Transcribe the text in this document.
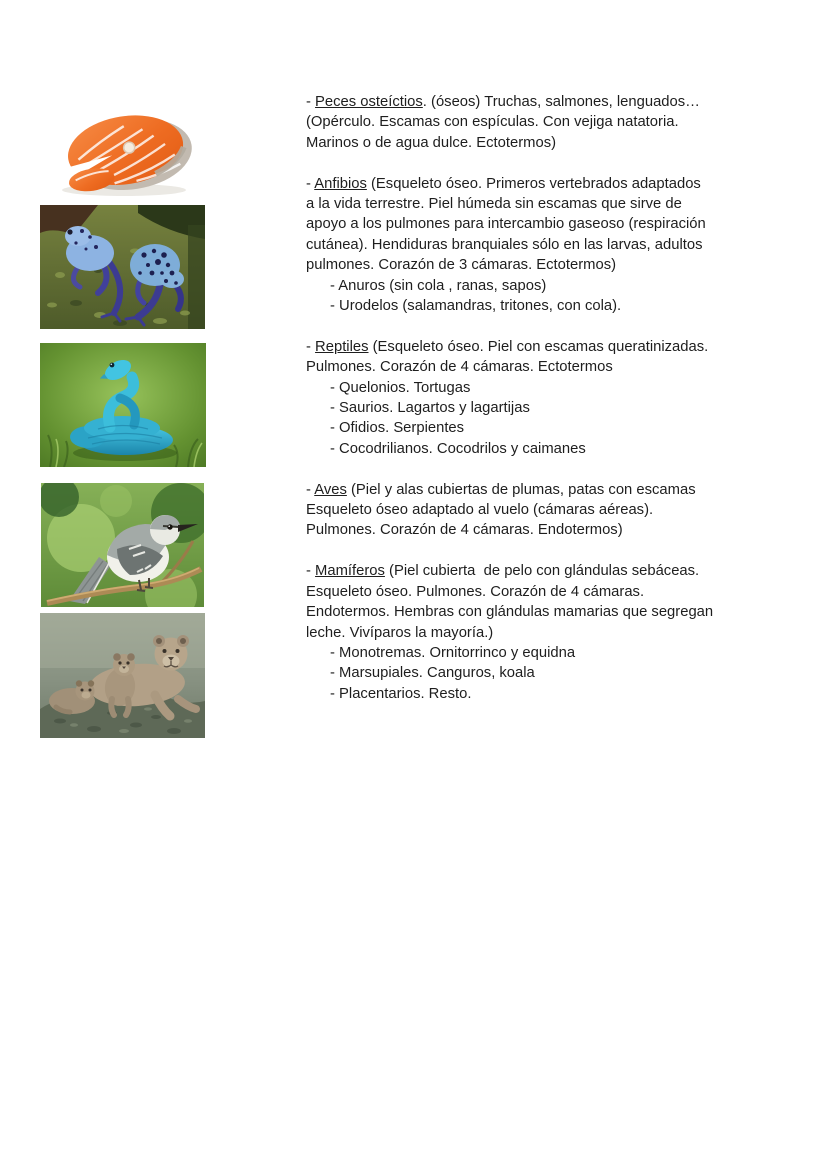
- Peces osteíctios. (óseos) Truchas, salmones, lenguados…
(Opérculo. Escamas con espículas. Con vejiga natatoria.
Marinos o de agua dulce. Ectotermos)
- Anfibios (Esqueleto óseo. Primeros vertebrados adaptados
a la vida terrestre. Piel húmeda sin escamas que sirve de
apoyo a los pulmones para intercambio gaseoso (respiración
cutánea). Hendiduras branquiales sólo en las larvas, adultos
pulmones. Corazón de 3 cámaras. Ectotermos)
- Anuros (sin cola , ranas, sapos)
- Urodelos (salamandras, tritones, con cola).
- Reptiles (Esqueleto óseo. Piel con escamas queratinizadas.
Pulmones. Corazón de 4 cámaras. Ectotermos
- Quelonios. Tortugas
- Saurios. Lagartos y lagartijas
- Ofidios. Serpientes
- Cocodrilianos. Cocodrilos y caimanes
- Aves (Piel y alas cubiertas de plumas, patas con escamas
Esqueleto óseo adaptado al vuelo (cámaras aéreas).
Pulmones. Corazón de 4 cámaras. Endotermos)
- Mamíferos (Piel cubierta  de pelo con glándulas sebáceas.
Esqueleto óseo. Pulmones. Corazón de 4 cámaras.
Endotermos. Hembras con glándulas mamarias que segregan
leche. Vivíparos la mayoría.)
- Monotremas. Ornitorrinco y equidna
- Marsupiales. Canguros, koala
- Placentarios. Resto.
